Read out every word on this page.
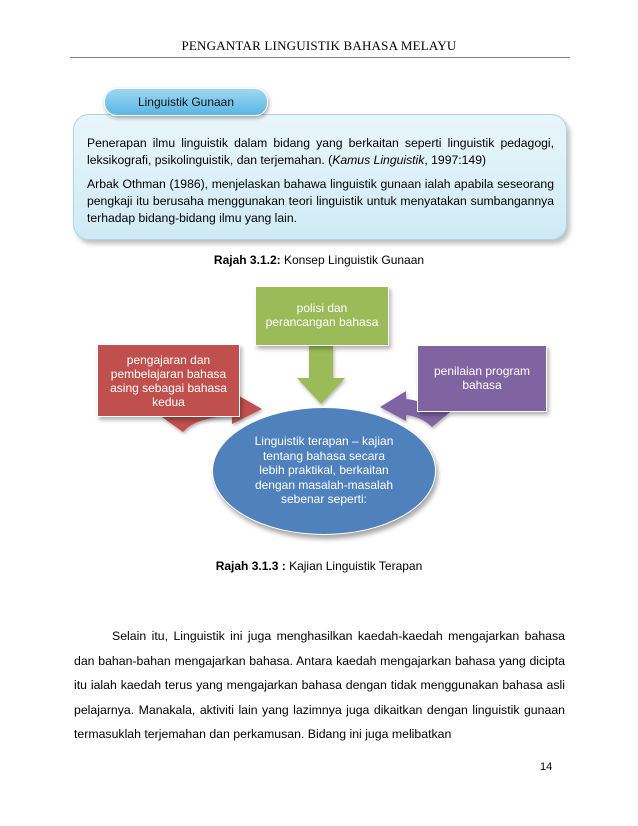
PENGANTAR LINGUISTIK BAHASA MELAYU

Penerapan ilmu linguistik dalam bidang yang berkaitan seperti linguistik pedagogi, leksikografi, psikolinguistik, dan terjemahan. (Kamus Linguistik, 1997:149)

Arbak Othman (1986), menjelaskan bahawa linguistik gunaan ialah apabila seseorang pengkaji itu berusaha menggunakan teori linguistik untuk menyatakan sumbangannya terhadap bidang-bidang ilmu yang lain.

Linguistik Gunaan
Rajah 3.1.2: Konsep Linguistik Gunaan
polisi dan perancangan bahasa
pengajaran dan pembelajaran bahasa asing sebagai bahasa kedua
penilaian program bahasa
Linguistik terapan – kajian tentang bahasa secara lebih praktikal, berkaitan dengan masalah-masalah sebenar seperti:
Rajah 3.1.3 : Kajian Linguistik Terapan

Selain itu, Linguistik ini juga menghasilkan kaedah-kaedah mengajarkan bahasa dan bahan-bahan mengajarkan bahasa. Antara kaedah mengajarkan bahasa yang dicipta itu ialah kaedah terus yang mengajarkan bahasa dengan tidak menggunakan bahasa asli pelajarnya. Manakala, aktiviti lain yang lazimnya juga dikaitkan dengan linguistik gunaan termasuklah terjemahan dan perkamusan. Bidang ini juga melibatkan

14
